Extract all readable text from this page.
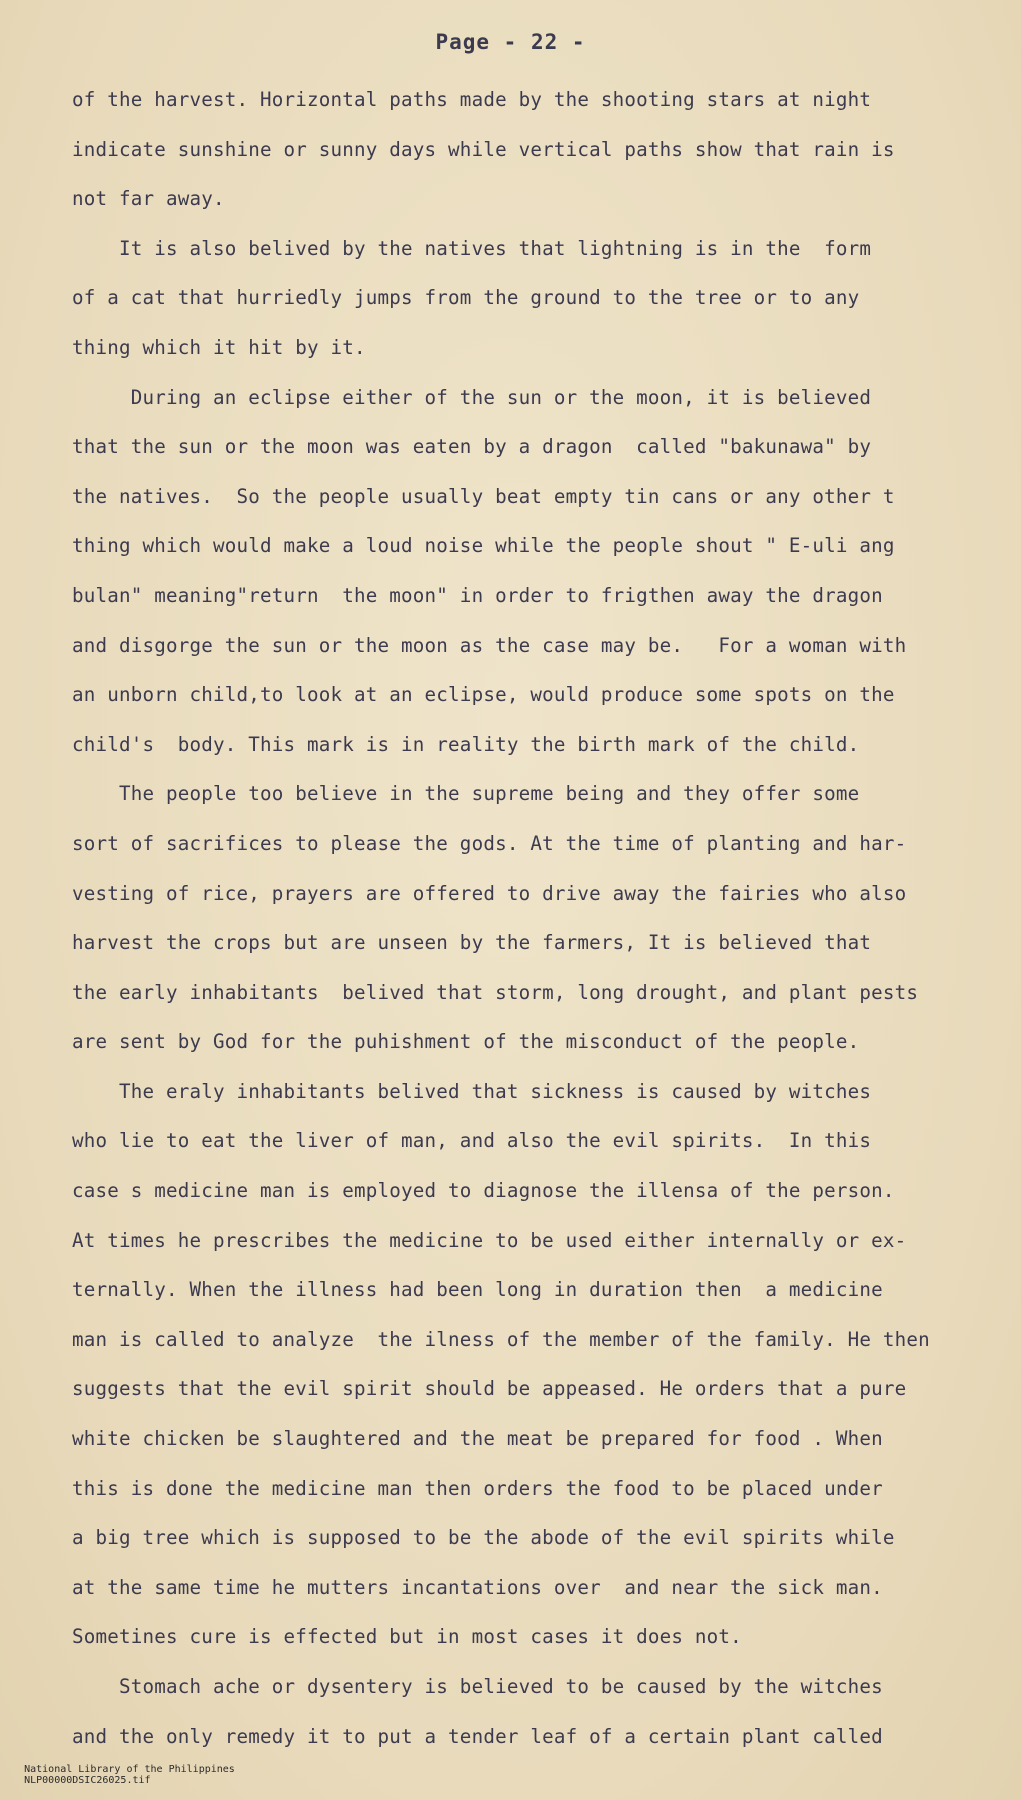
Page - 22 -
of the harvest. Horizontal paths made by the shooting stars at night
indicate sunshine or sunny days while vertical paths show that rain is
not far away.
It is also belived by the natives that lightning is in the  form
of a cat that hurriedly jumps from the ground to the tree or to any
thing which it hit by it.
During an eclipse either of the sun or the moon, it is believed
that the sun or the moon was eaten by a dragon  called "bakunawa" by
the natives.  So the people usually beat empty tin cans or any other t
thing which would make a loud noise while the people shout " E-uli ang
bulan" meaning"return  the moon" in order to frigthen away the dragon
and disgorge the sun or the moon as the case may be.   For a woman with
an unborn child,to look at an eclipse, would produce some spots on the
child's  body. This mark is in reality the birth mark of the child.
The people too believe in the supreme being and they offer some
sort of sacrifices to please the gods. At the time of planting and har-
vesting of rice, prayers are offered to drive away the fairies who also
harvest the crops but are unseen by the farmers, It is believed that
the early inhabitants  belived that storm, long drought, and plant pests
are sent by God for the puhishment of the misconduct of the people.
The eraly inhabitants belived that sickness is caused by witches
who lie to eat the liver of man, and also the evil spirits.  In this
case s medicine man is employed to diagnose the illensa of the person.
At times he prescribes the medicine to be used either internally or ex-
ternally. When the illness had been long in duration then  a medicine
man is called to analyze  the ilness of the member of the family. He then
suggests that the evil spirit should be appeased. He orders that a pure
white chicken be slaughtered and the meat be prepared for food . When
this is done the medicine man then orders the food to be placed under
a big tree which is supposed to be the abode of the evil spirits while
at the same time he mutters incantations over  and near the sick man.
Sometines cure is effected but in most cases it does not.
Stomach ache or dysentery is believed to be caused by the witches
and the only remedy it to put a tender leaf of a certain plant called

National Library of the Philippines
NLP00000DSIC26025.tif
